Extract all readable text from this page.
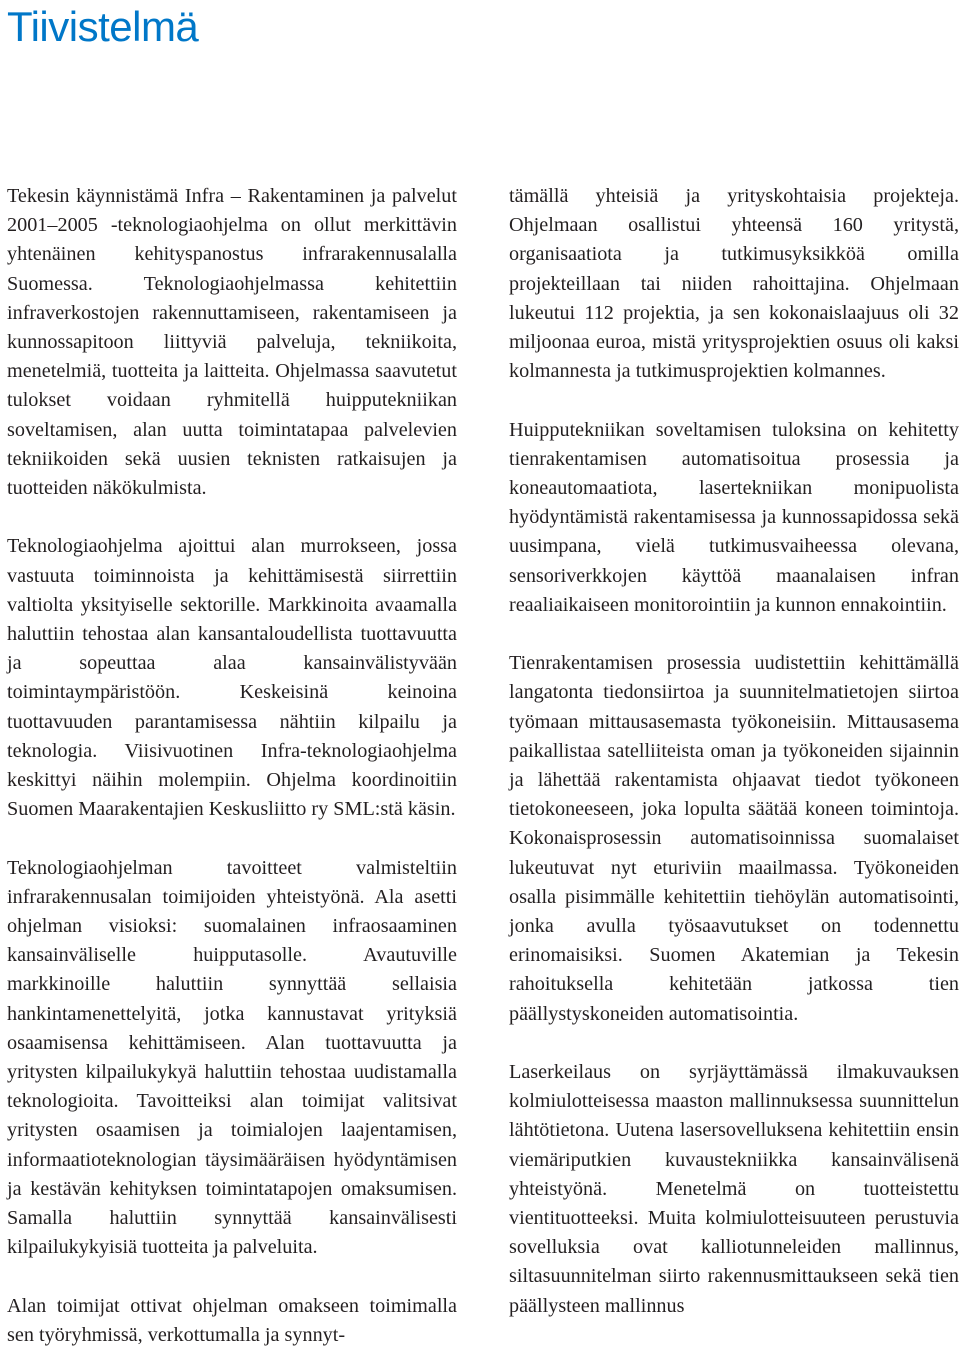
Tiivistelmä

Tekesin käynnistämä Infra – Rakentaminen ja palvelut 2001–2005 -teknologiaohjelma on ollut merkittävin yhtenäinen kehityspanostus infrarakennusalalla Suomessa. Teknologiaohjelmassa kehitettiin infraverkostojen rakennuttamiseen, rakentamiseen ja kunnossapitoon liittyviä palveluja, tekniikoita, menetelmiä, tuotteita ja laitteita. Ohjelmassa saavutetut tulokset voidaan ryhmitellä huipputekniikan soveltamisen, alan uutta toimintatapaa palvelevien tekniikoiden sekä uusien teknisten ratkaisujen ja tuotteiden näkökulmista.

Teknologiaohjelma ajoittui alan murrokseen, jossa vastuuta toiminnoista ja kehittämisestä siirrettiin valtiolta yksityiselle sektorille. Markkinoita avaamalla haluttiin tehostaa alan kansantaloudellista tuottavuutta ja sopeuttaa alaa kansainvälistyvään toimintaympäristöön. Keskeisinä keinoina tuottavuuden parantamisessa nähtiin kilpailu ja teknologia. Viisivuotinen Infra-teknologiaohjelma keskittyi näihin molempiin. Ohjelma koordinoitiin Suomen Maarakentajien Keskusliitto ry SML:stä käsin.

Teknologiaohjelman tavoitteet valmisteltiin infrarakennusalan toimijoiden yhteistyönä. Ala asetti ohjelman visioksi: suomalainen infraosaaminen kansainväliselle huipputasolle. Avautuville markkinoille haluttiin synnyttää sellaisia hankintamenettelyitä, jotka kannustavat yrityksiä osaamisensa kehittämiseen. Alan tuottavuutta ja yritysten kilpailukykyä haluttiin tehostaa uudistamalla teknologioita. Tavoitteiksi alan toimijat valitsivat yritysten osaamisen ja toimialojen laajentamisen, informaatioteknologian täysimääräisen hyödyntämisen ja kestävän kehityksen toimintatapojen omaksumisen. Samalla haluttiin synnyttää kansainvälisesti kilpailukykyisiä tuotteita ja palveluita.

Alan toimijat ottivat ohjelman omakseen toimimalla sen työryhmissä, verkottumalla ja synnyt-

tämällä yhteisiä ja yrityskohtaisia projekteja. Ohjelmaan osallistui yhteensä 160 yritystä, organisaatiota ja tutkimusyksikköä omilla projekteillaan tai niiden rahoittajina. Ohjelmaan lukeutui 112 projektia, ja sen kokonaislaajuus oli 32 miljoonaa euroa, mistä yritysprojektien osuus oli kaksi kolmannesta ja tutkimusprojektien kolmannes.

Huipputekniikan soveltamisen tuloksina on kehitetty tienrakentamisen automatisoitua prosessia ja koneautomaatiota, lasertekniikan monipuolista hyödyntämistä rakentamisessa ja kunnossapidossa sekä uusimpana, vielä tutkimusvaiheessa olevana, sensoriverkkojen käyttöä maanalaisen infran reaaliaikaiseen monitorointiin ja kunnon ennakointiin.

Tienrakentamisen prosessia uudistettiin kehittämällä langatonta tiedonsiirtoa ja suunnitelmatietojen siirtoa työmaan mittausasemasta työkoneisiin. Mittausasema paikallistaa satelliiteista oman ja työkoneiden sijainnin ja lähettää rakentamista ohjaavat tiedot työkoneen tietokoneeseen, joka lopulta säätää koneen toimintoja. Kokonaisprosessin automatisoinnissa suomalaiset lukeutuvat nyt eturiviin maailmassa. Työkoneiden osalla pisimmälle kehitettiin tiehöylän automatisointi, jonka avulla työsaavutukset on todennettu erinomaisiksi. Suomen Akatemian ja Tekesin rahoituksella kehitetään jatkossa tien päällystyskoneiden automatisointia.

Laserkeilaus on syrjäyttämässä ilmakuvauksen kolmiulotteisessa maaston mallinnuksessa suunnittelun lähtötietona. Uutena lasersovelluksena kehitettiin ensin viemäriputkien kuvaustekniikka kansainvälisenä yhteistyönä. Menetelmä on tuotteistettu vientituotteeksi. Muita kolmiulotteisuuteen perustuvia sovelluksia ovat kalliotunneleiden mallinnus, siltasuunnitelman siirto rakennusmittaukseen sekä tien päällysteen mallinnus
